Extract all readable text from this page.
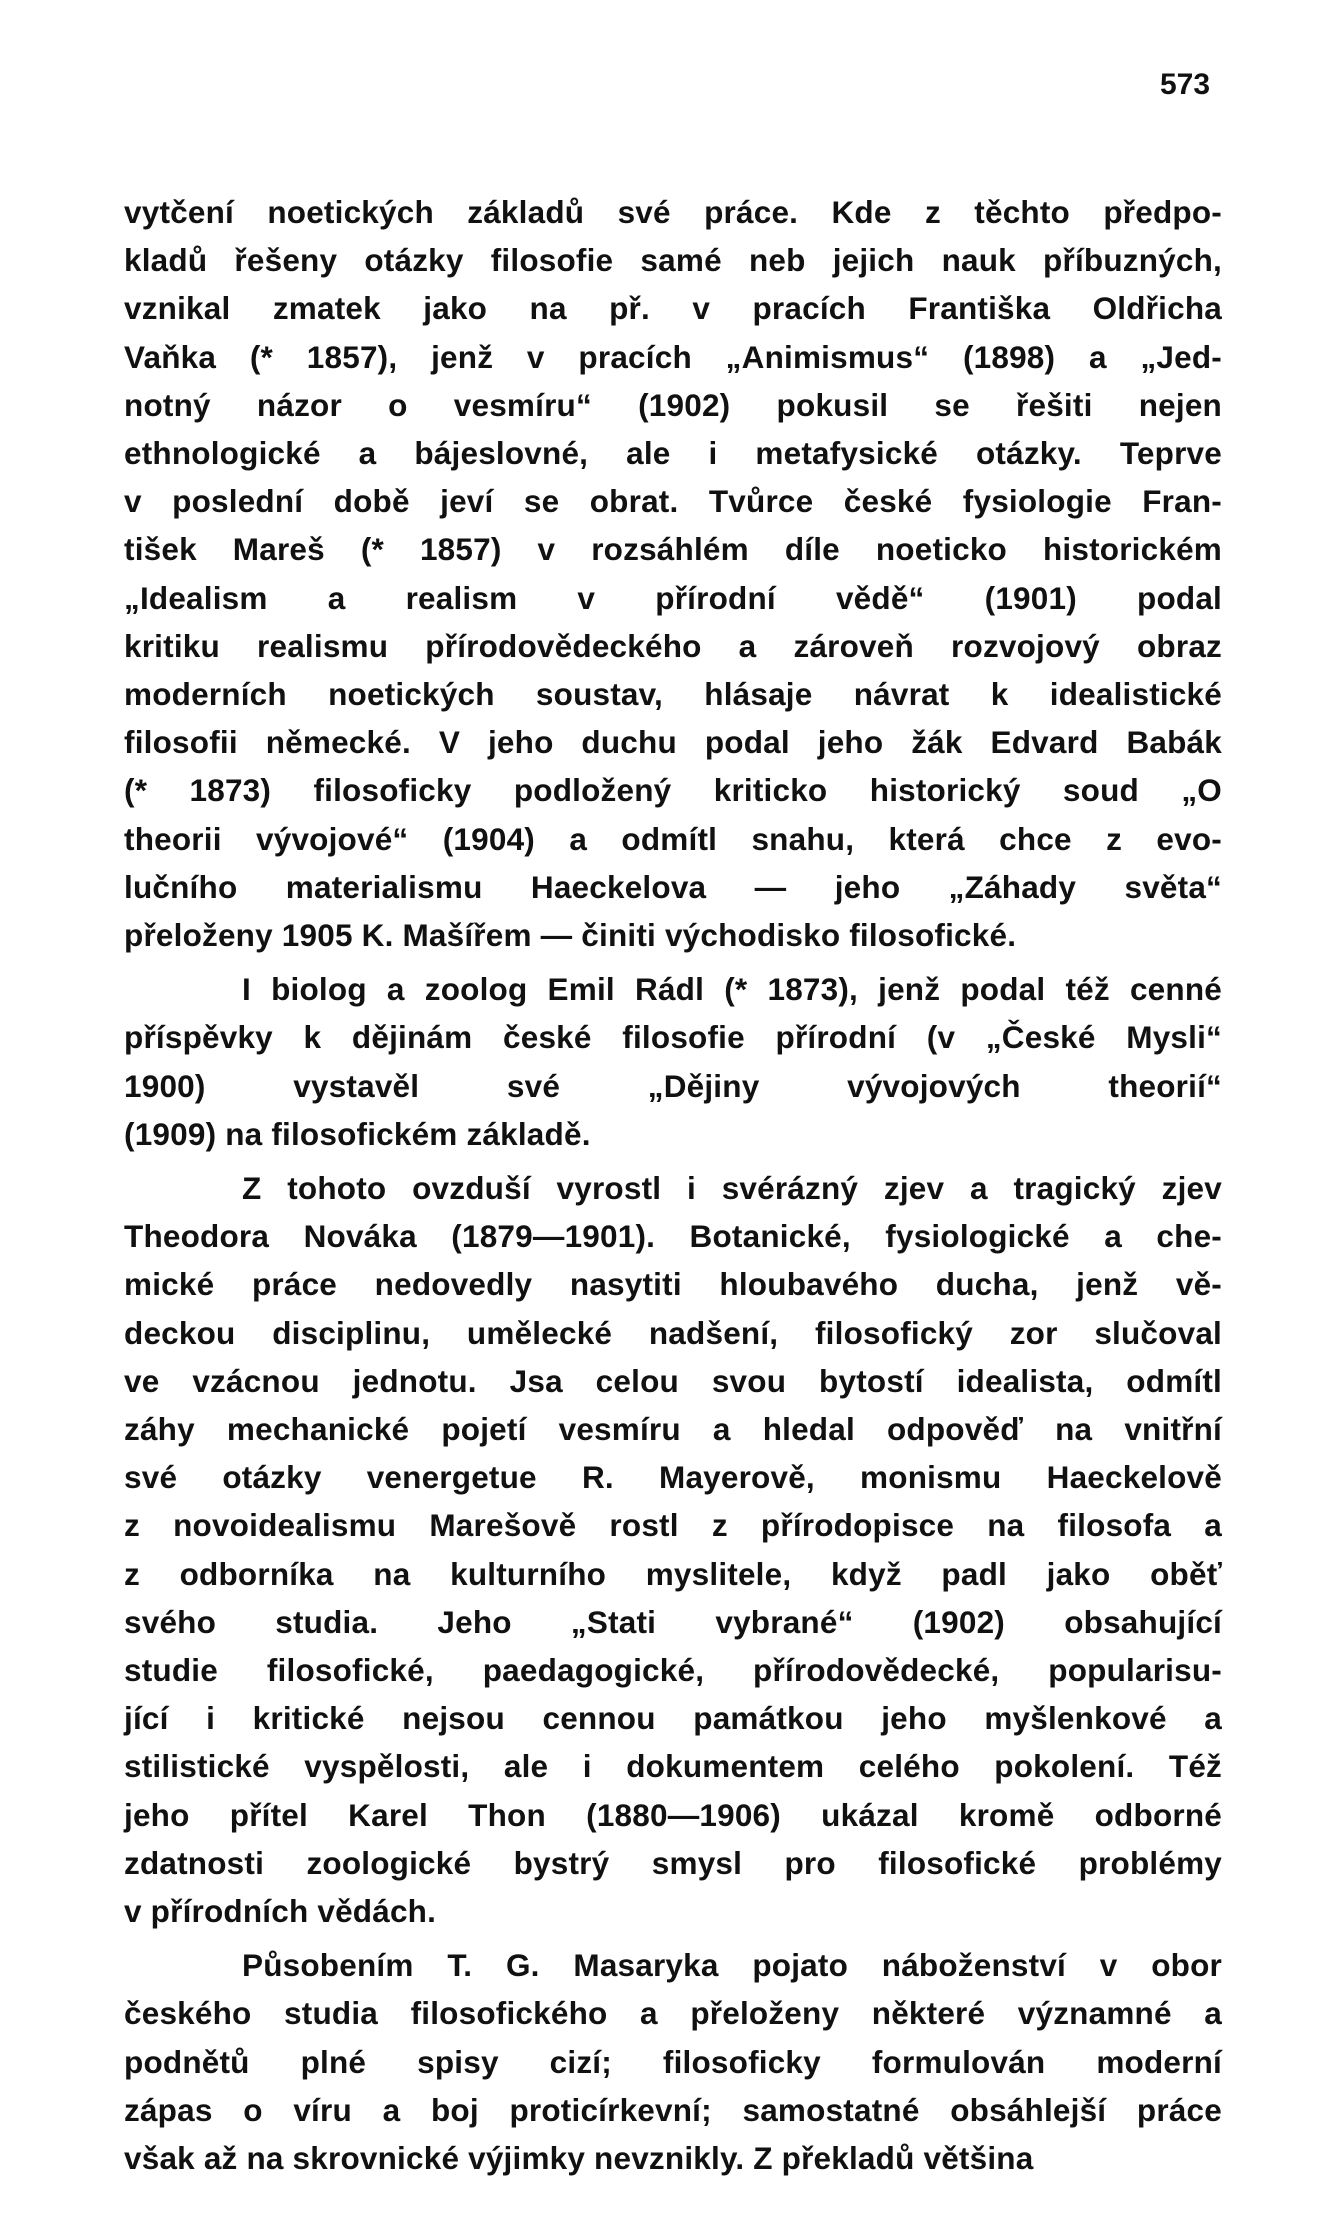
573
vytčení noetických základů své práce. Kde z těchto předpo-
kladů řešeny otázky filosofie samé neb jejich nauk příbuzných,
vznikal zmatek jako na př. v pracích Františka Oldřicha
Vaňka (* 1857), jenž v pracích „Animismus“ (1898) a „Jed-
notný názor o vesmíru“ (1902) pokusil se řešiti nejen
ethnologické a bájeslovné, ale i metafysické otázky. Teprve
v poslední době jeví se obrat. Tvůrce české fysiologie Fran-
tišek Mareš (* 1857) v rozsáhlém díle noeticko historickém
„Idealism a realism v přírodní vědě“ (1901) podal
kritiku realismu přírodovědeckého a zároveň rozvojový obraz
moderních noetických soustav, hlásaje návrat k idealistické
filosofii německé. V jeho duchu podal jeho žák Edvard Babák
(* 1873) filosoficky podložený kriticko historický soud „O
theorii vývojové“ (1904) a odmítl snahu, která chce z evo-
lučního materialismu Haeckelova — jeho „Záhady světa“
přeloženy 1905 K. Mašířem — činiti východisko filosofické.
I biolog a zoolog Emil Rádl (* 1873), jenž podal též cenné
příspěvky k dějinám české filosofie přírodní (v „České Mysli“
1900) vystavěl své „Dějiny vývojových theorií“
(1909) na filosofickém základě.
Z tohoto ovzduší vyrostl i svérázný zjev a tragický zjev
Theodora Nováka (1879—1901). Botanické, fysiologické a che-
mické práce nedovedly nasytiti hloubavého ducha, jenž vě-
deckou disciplinu, umělecké nadšení, filosofický zor slučoval
ve vzácnou jednotu. Jsa celou svou bytostí idealista, odmítl
záhy mechanické pojetí vesmíru a hledal odpověď na vnitřní
své otázky venergetue R. Mayerově, monismu Haeckelově
z novoidealismu Marešově rostl z přírodopisce na filosofa a
z odborníka na kulturního myslitele, když padl jako oběť
svého studia. Jeho „Stati vybrané“ (1902) obsahující
studie filosofické, paedagogické, přírodovědecké, popularisu-
jící i kritické nejsou cennou památkou jeho myšlenkové a
stilistické vyspělosti, ale i dokumentem celého pokolení. Též
jeho přítel Karel Thon (1880—1906) ukázal kromě odborné
zdatnosti zoologické bystrý smysl pro filosofické problémy
v přírodních vědách.
Působením T. G. Masaryka pojato náboženství v obor
českého studia filosofického a přeloženy některé významné a
podnětů plné spisy cizí; filosoficky formulován moderní
zápas o víru a boj proticírkevní; samostatné obsáhlejší práce
však až na skrovnické výjimky nevznikly. Z překladů většina
